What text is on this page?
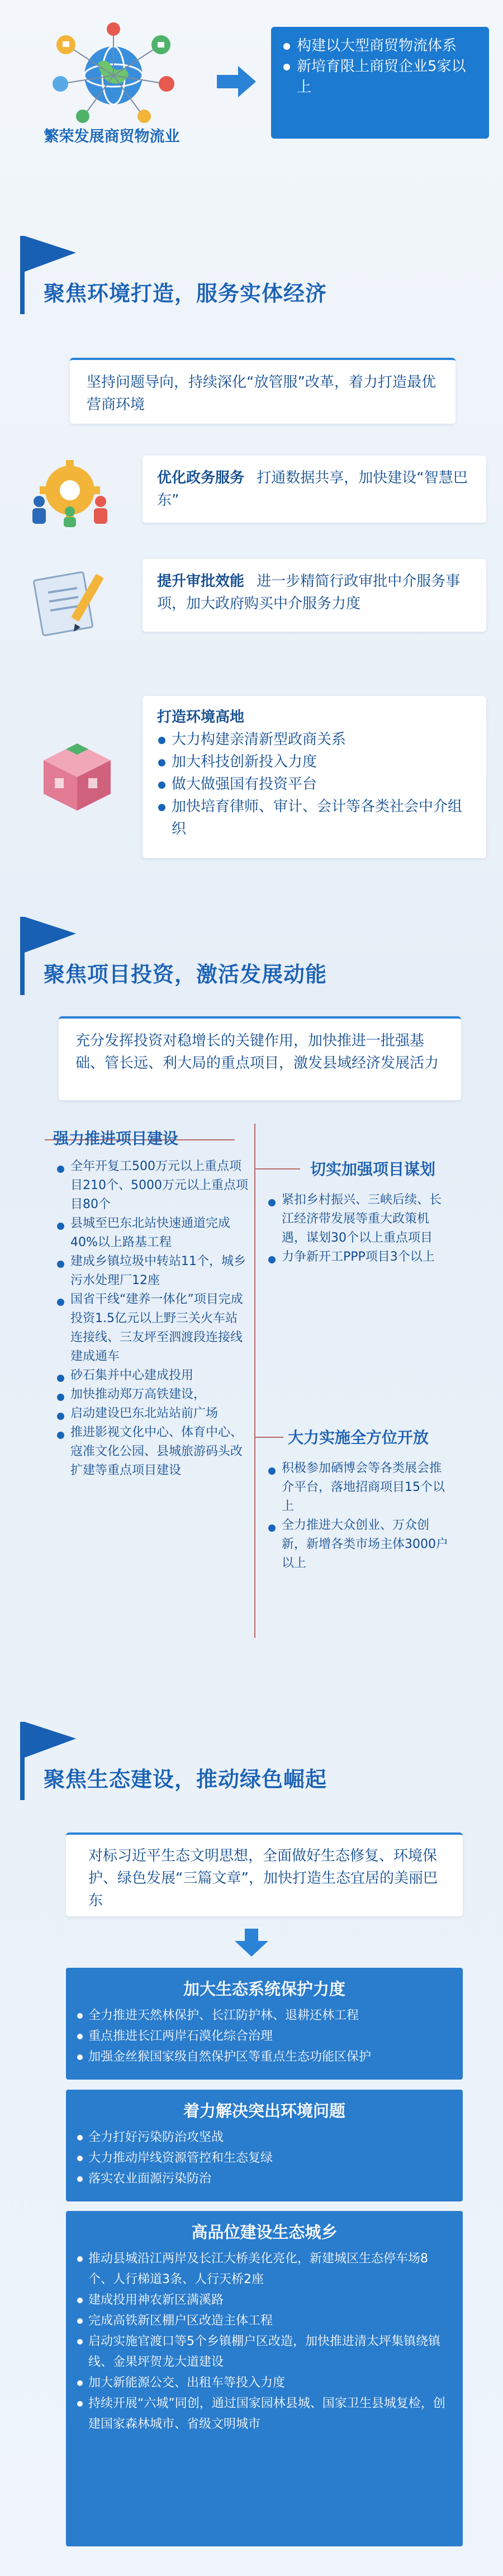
繁荣发展商贸物流业
构建以大型商贸物流体系
新培育限上商贸企业5家以上
聚焦环境打造，服务实体经济
坚持问题导向，持续深化“放管服”改革，着力打造最优营商环境
优化政务服务 打通数据共享，加快建设“智慧巴东”
提升审批效能 进一步精简行政审批中介服务事项，加大政府购买中介服务力度
打造环境高地
大力构建亲清新型政商关系
加大科技创新投入力度
做大做强国有投资平台
加快培育律师、审计、会计等各类社会中介组织
聚焦项目投资，激活发展动能
充分发挥投资对稳增长的关键作用，加快推进一批强基础、管长远、利大局的重点项目，激发县域经济发展活力
强力推进项目建设
全年开复工500万元以上重点项目210个、5000万元以上重点项目80个
县城至巴东北站快速通道完成40%以上路基工程
建成乡镇垃圾中转站11个，城乡污水处理厂12座
国省干线“建养一体化”项目完成投资1.5亿元以上野三关火车站连接线、三友坪至泗渡段连接线建成通车
砂石集并中心建成投用
加快推动郑万高铁建设，
启动建设巴东北站站前广场
推进影视文化中心、体育中心、寇准文化公园、县城旅游码头改扩建等重点项目建设
切实加强项目谋划
紧扣乡村振兴、三峡后续、长江经济带发展等重大政策机遇，谋划30个以上重点项目
力争新开工PPP项目3个以上
大力实施全方位开放
积极参加硒博会等各类展会推介平台，落地招商项目15个以上
全力推进大众创业、万众创新，新增各类市场主体3000户以上
聚焦生态建设，推动绿色崛起
对标习近平生态文明思想，全面做好生态修复、环境保护、绿色发展“三篇文章”，加快打造生态宜居的美丽巴东
加大生态系统保护力度
全力推进天然林保护、长江防护林、退耕还林工程
重点推进长江两岸石漠化综合治理
加强金丝猴国家级自然保护区等重点生态功能区保护
着力解决突出环境问题
全力打好污染防治攻坚战
大力推动岸线资源管控和生态复绿
落实农业面源污染防治
高品位建设生态城乡
推动县城沿江两岸及长江大桥美化亮化，新建城区生态停车场8个、人行梯道3条、人行天桥2座
建成投用神农新区满溪路
完成高铁新区棚户区改造主体工程
启动实施官渡口等5个乡镇棚户区改造，加快推进清太坪集镇绕镇线、金果坪贺龙大道建设
加大新能源公交、出租车等投入力度
持续开展“六城”同创，通过国家园林县城、国家卫生县城复检，创建国家森林城市、省级文明城市
